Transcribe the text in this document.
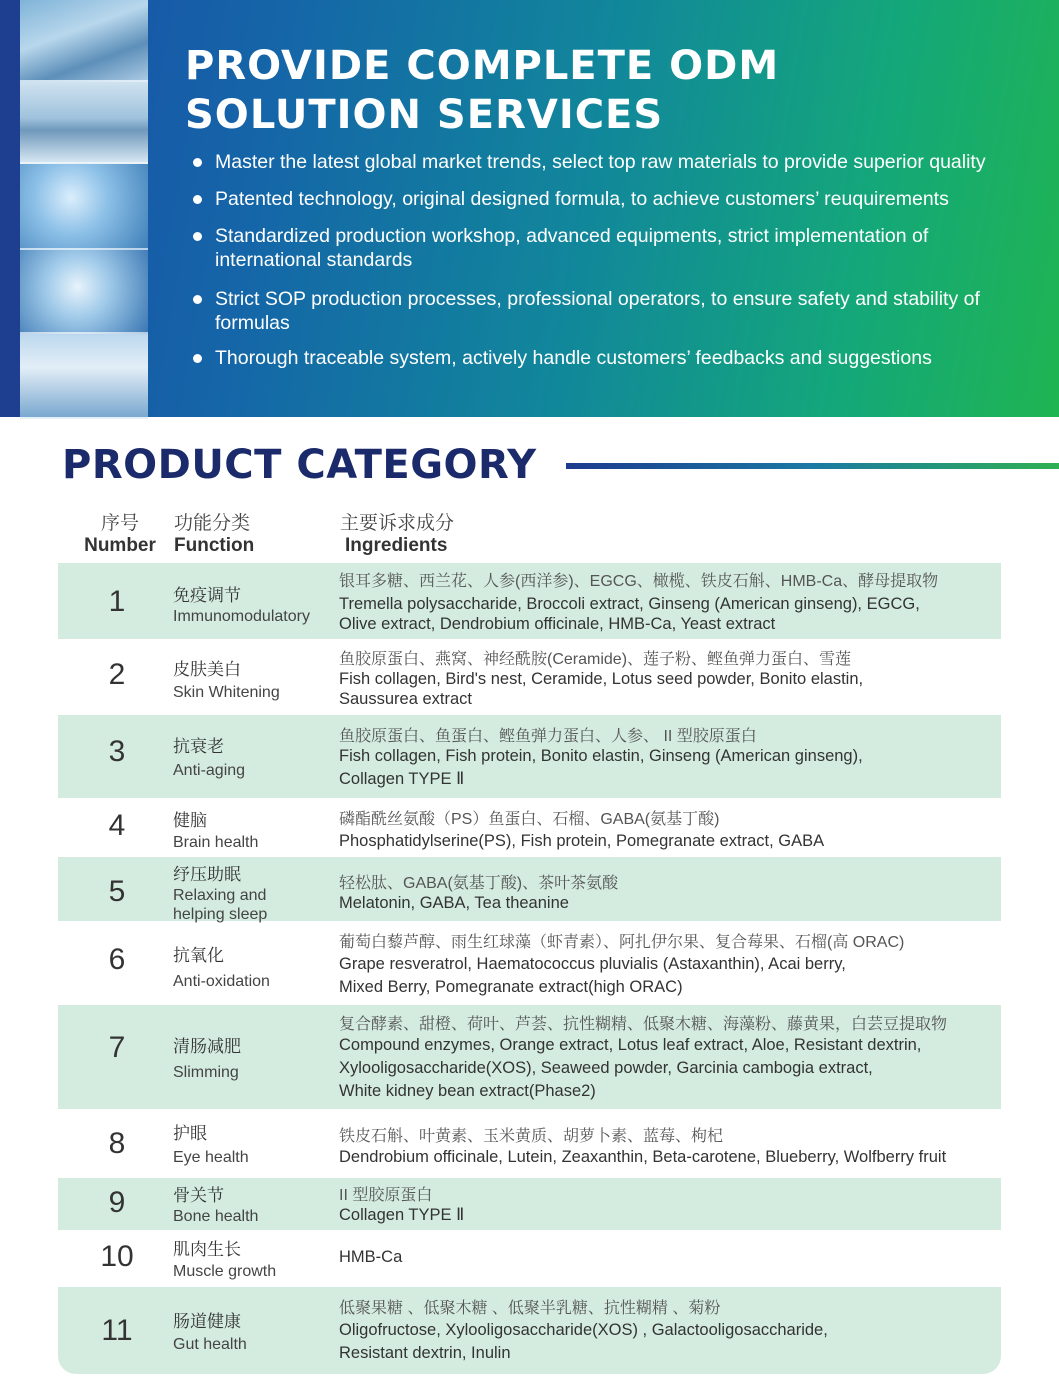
PROVIDE COMPLETE ODM
SOLUTION SERVICES
Master the latest global market trends, select top raw materials to provide superior quality
Patented technology, original designed formula, to achieve customers’ reuquirements
Standardized production workshop, advanced equipments, strict implementation of international standards
Strict SOP production processes, professional operators, to ensure safety and stability of formulas
Thorough traceable system, actively handle customers’ feedbacks and suggestions
PRODUCT CATEGORY
序号
Number
功能分类
Function
主要诉求成分
Ingredients
1	免疫调节
Immunomodulatory
银耳多糖、西兰花、人参(西洋参)、EGCG、橄榄、铁皮石斛、HMB-Ca、酵母提取物
Tremella polysaccharide, Broccoli extract, Ginseng (American ginseng), EGCG,
Olive extract, Dendrobium officinale, HMB-Ca, Yeast extract
2	皮肤美白
Skin Whitening
鱼胶原蛋白、燕窝、神经酰胺(Ceramide)、莲子粉、鲣鱼弹力蛋白、雪莲
Fish collagen, Bird's nest, Ceramide, Lotus seed powder, Bonito elastin,
Saussurea extract
3	抗衰老
Anti-aging
鱼胶原蛋白、鱼蛋白、鲣鱼弹力蛋白、人参、 II 型胶原蛋白
Fish collagen, Fish protein, Bonito elastin, Ginseng (American ginseng),
Collagen TYPE Ⅱ
4	健脑
Brain health
磷酯酰丝氨酸（PS）鱼蛋白、石榴、GABA(氨基丁酸)
Phosphatidylserine(PS), Fish protein, Pomegranate extract, GABA
5
纾压助眠
Relaxing and helping sleep
轻松肽、GABA(氨基丁酸)、茶叶茶氨酸
Melatonin, GABA, Tea theanine
6	抗氧化
Anti-oxidation
葡萄白藜芦醇、雨生红球藻（虾青素）、阿扎伊尔果、复合莓果、石榴(高 ORAC)
Grape resveratrol, Haematococcus pluvialis (Astaxanthin), Acai berry,
Mixed Berry, Pomegranate extract(high ORAC)
7	清肠减肥
Slimming
复合酵素、甜橙、荷叶、芦荟、抗性糊精、低聚木糖、海藻粉、藤黄果，白芸豆提取物
Compound enzymes, Orange extract, Lotus leaf extract, Aloe, Resistant dextrin,
Xylooligosaccharide(XOS), Seaweed powder, Garcinia cambogia extract,
White kidney bean extract(Phase2)
8	护眼
Eye health
铁皮石斛、叶黄素、玉米黄质、胡萝卜素、蓝莓、枸杞
Dendrobium officinale, Lutein, Zeaxanthin, Beta-carotene, Blueberry, Wolfberry fruit
9	骨关节
Bone health
II 型胶原蛋白
Collagen TYPE Ⅱ
10	肌肉生长
Muscle growth
HMB-Ca
11	肠道健康
Gut health
低聚果糖 、低聚木糖 、低聚半乳糖、抗性糊精 、菊粉
Oligofructose, Xylooligosaccharide(XOS) , Galactooligosaccharide,
Resistant dextrin, Inulin
